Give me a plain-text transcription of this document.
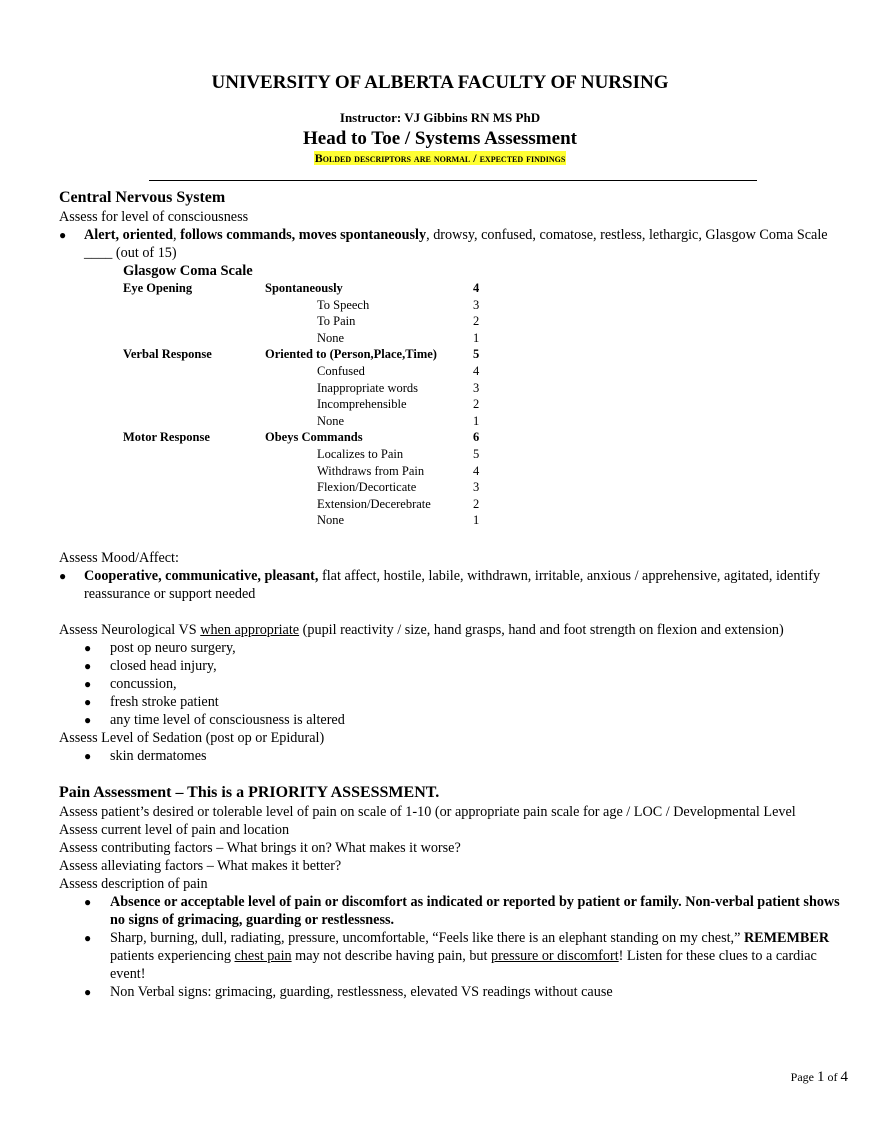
UNIVERSITY OF ALBERTA FACULTY OF NURSING
Instructor: VJ Gibbins RN MS PhD
Head to Toe / Systems Assessment
Bolded descriptors are normal / expected findings
Central Nervous System
Assess for level of consciousness
● Alert, oriented, follows commands, moves spontaneously, drowsy, confused, comatose, restless, lethargic, Glasgow Coma Scale ____ (out of 15)
Glasgow Coma Scale
Eye Opening	Spontaneously	4
To Speech	3
To Pain	2
None	1
Verbal Response	Oriented to (Person,Place,Time)	5
Confused	4
Inappropriate words	3
Incomprehensible	2
None	1
Motor Response	Obeys Commands	6
Localizes to Pain	5
Withdraws from Pain	4
Flexion/Decorticate	3
Extension/Decerebrate	2
None	1
Assess Mood/Affect:
● Cooperative, communicative, pleasant, flat affect, hostile, labile, withdrawn, irritable, anxious / apprehensive, agitated, identify reassurance or support needed
Assess Neurological VS when appropriate (pupil reactivity / size, hand grasps, hand and foot strength on flexion and extension)
● post op neuro surgery,
● closed head injury,
● concussion,
● fresh stroke patient
● any time level of consciousness is altered
Assess Level of Sedation (post op or Epidural)
● skin dermatomes
Pain Assessment – This is a PRIORITY ASSESSMENT.
Assess patient’s desired or tolerable level of pain on scale of 1-10 (or appropriate pain scale for age / LOC / Developmental Level
Assess current level of pain and location
Assess contributing factors – What brings it on? What makes it worse?
Assess alleviating factors – What makes it better?
Assess description of pain
● Absence or acceptable level of pain or discomfort as indicated or reported by patient or family. Non-verbal patient shows no signs of grimacing, guarding or restlessness.
● Sharp, burning, dull, radiating, pressure, uncomfortable, “Feels like there is an elephant standing on my chest,” REMEMBER patients experiencing chest pain may not describe having pain, but pressure or discomfort! Listen for these clues to a cardiac event!
● Non Verbal signs: grimacing, guarding, restlessness, elevated VS readings without cause
Page 1 of 4
